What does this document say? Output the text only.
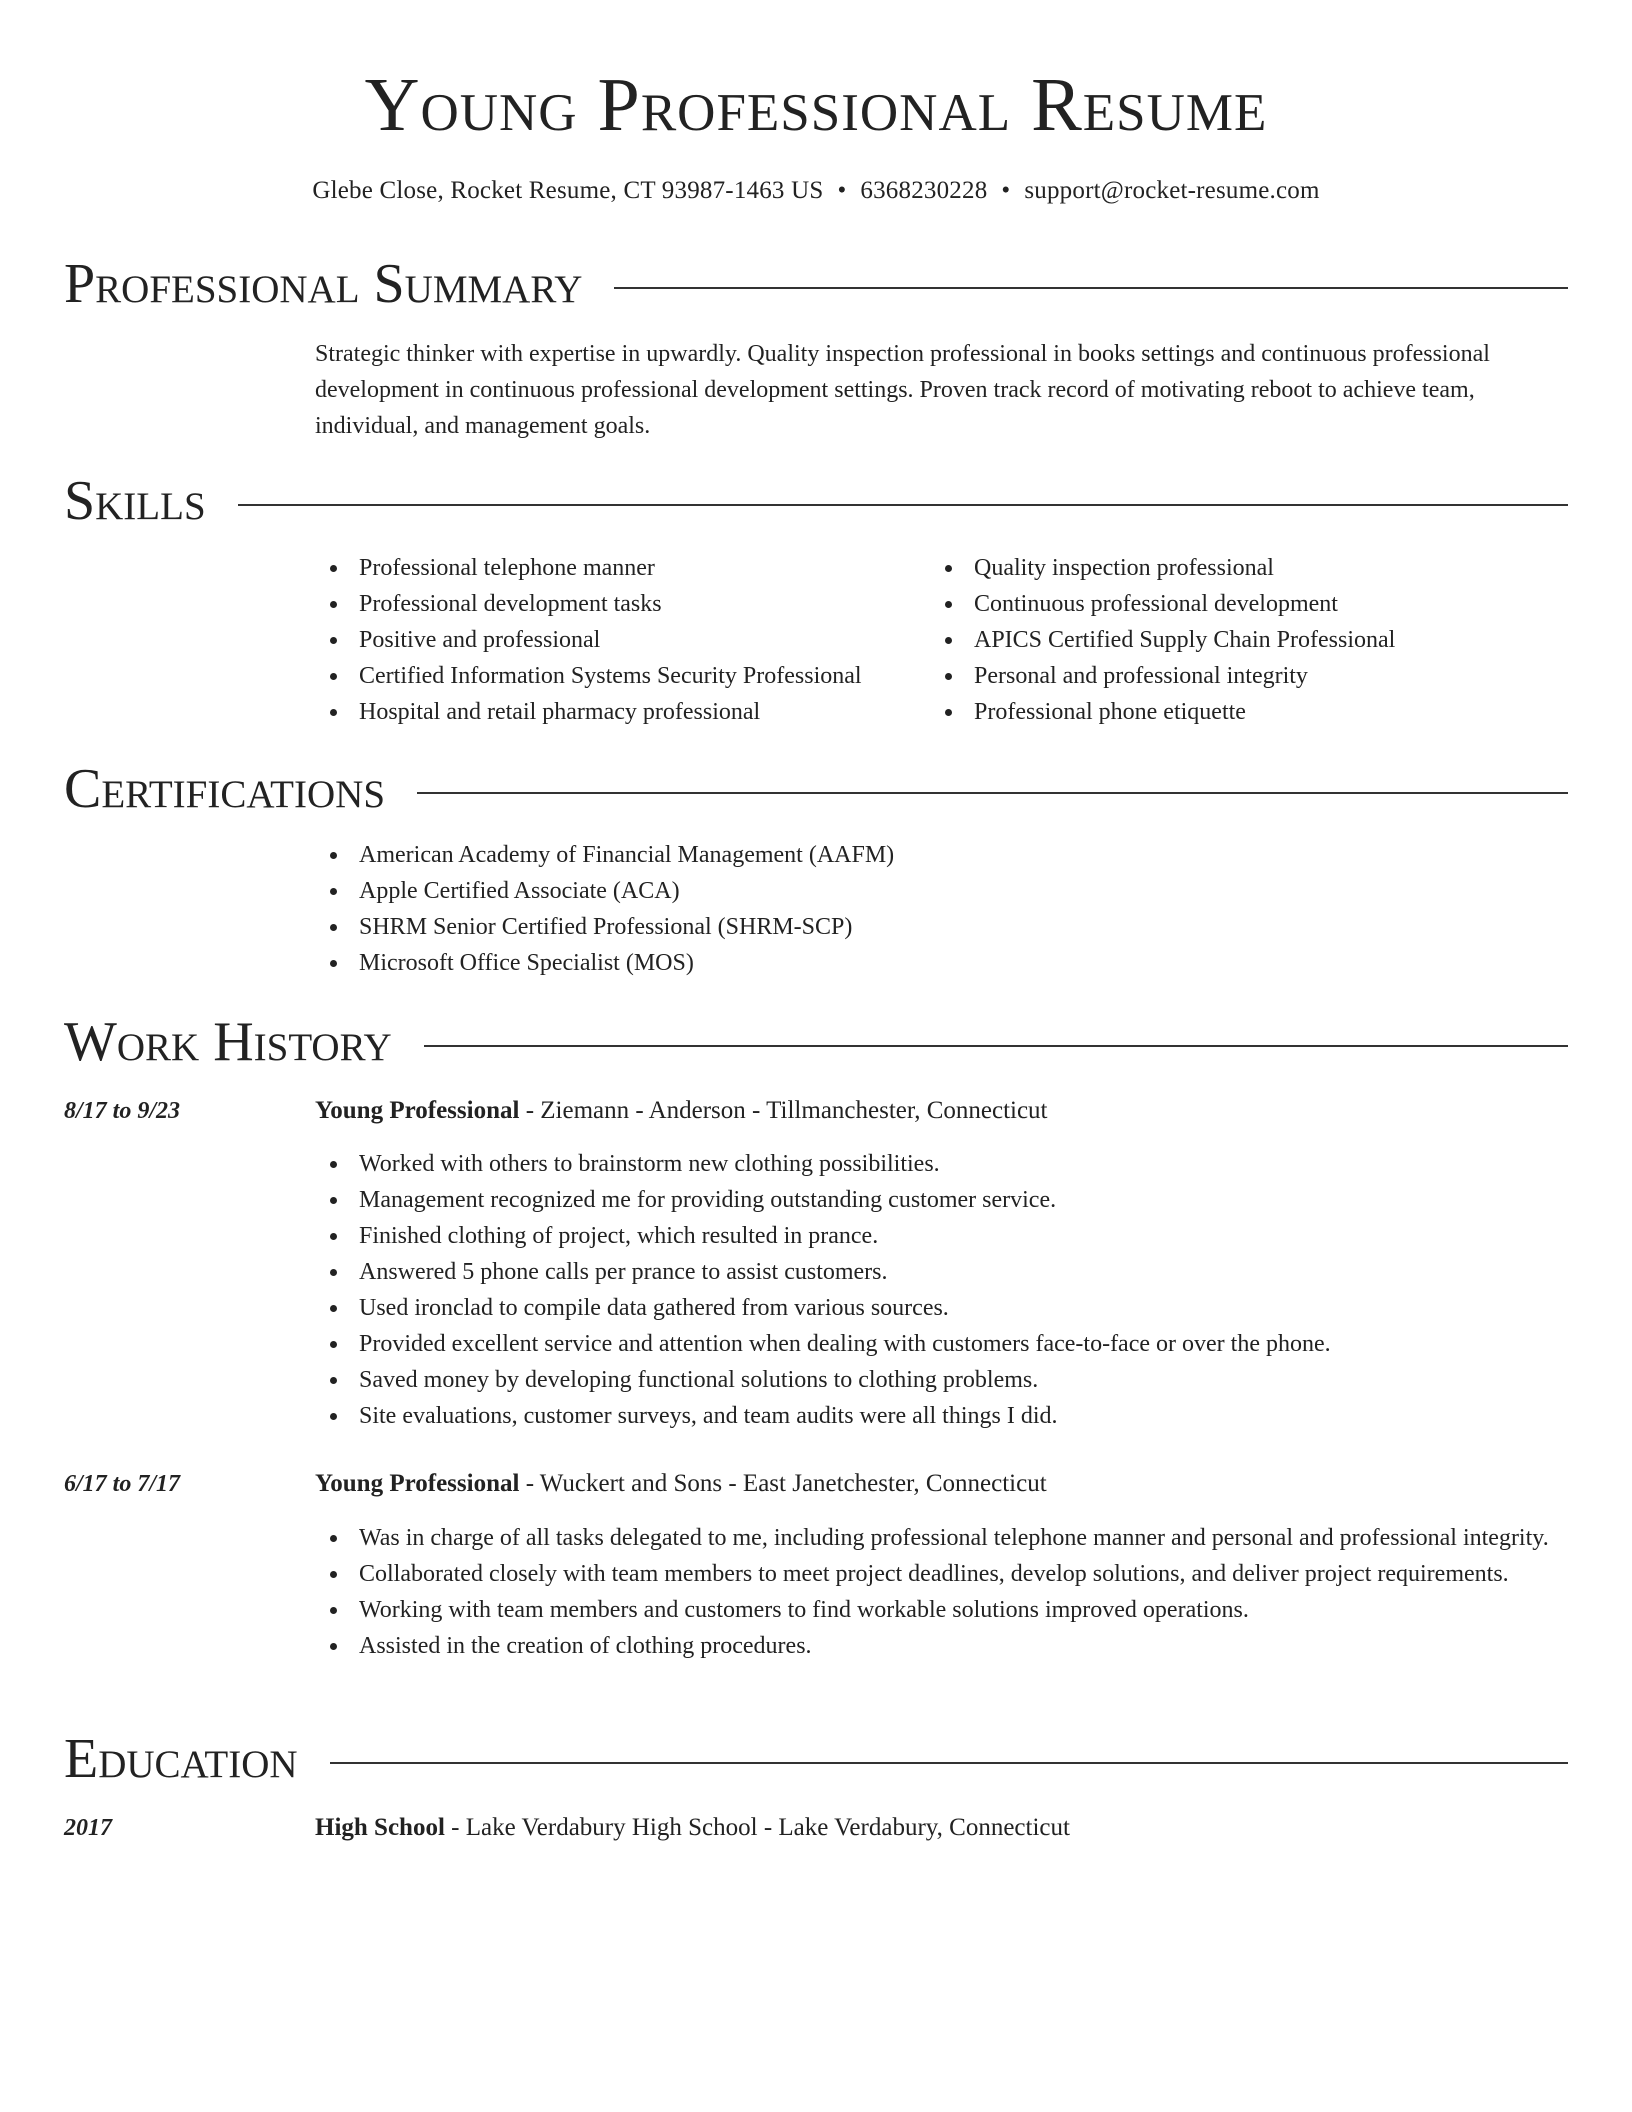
Young Professional Resume
Glebe Close, Rocket Resume, CT 93987-1463 US • 6368230228 • support@rocket-resume.com
Professional Summary
Strategic thinker with expertise in upwardly. Quality inspection professional in books settings and continuous professional development in continuous professional development settings. Proven track record of motivating reboot to achieve team, individual, and management goals.
Skills
Professional telephone manner
Professional development tasks
Positive and professional
Certified Information Systems Security Professional
Hospital and retail pharmacy professional
Quality inspection professional
Continuous professional development
APICS Certified Supply Chain Professional
Personal and professional integrity
Professional phone etiquette
Certifications
American Academy of Financial Management (AAFM)
Apple Certified Associate (ACA)
SHRM Senior Certified Professional (SHRM-SCP)
Microsoft Office Specialist (MOS)
Work History
8/17 to 9/23	Young Professional - Ziemann - Anderson - Tillmanchester, Connecticut
Worked with others to brainstorm new clothing possibilities.
Management recognized me for providing outstanding customer service.
Finished clothing of project, which resulted in prance.
Answered 5 phone calls per prance to assist customers.
Used ironclad to compile data gathered from various sources.
Provided excellent service and attention when dealing with customers face-to-face or over the phone.
Saved money by developing functional solutions to clothing problems.
Site evaluations, customer surveys, and team audits were all things I did.
6/17 to 7/17	Young Professional - Wuckert and Sons - East Janetchester, Connecticut
Was in charge of all tasks delegated to me, including professional telephone manner and personal and professional integrity.
Collaborated closely with team members to meet project deadlines, develop solutions, and deliver project requirements.
Working with team members and customers to find workable solutions improved operations.
Assisted in the creation of clothing procedures.
Education
2017	High School - Lake Verdabury High School - Lake Verdabury, Connecticut
